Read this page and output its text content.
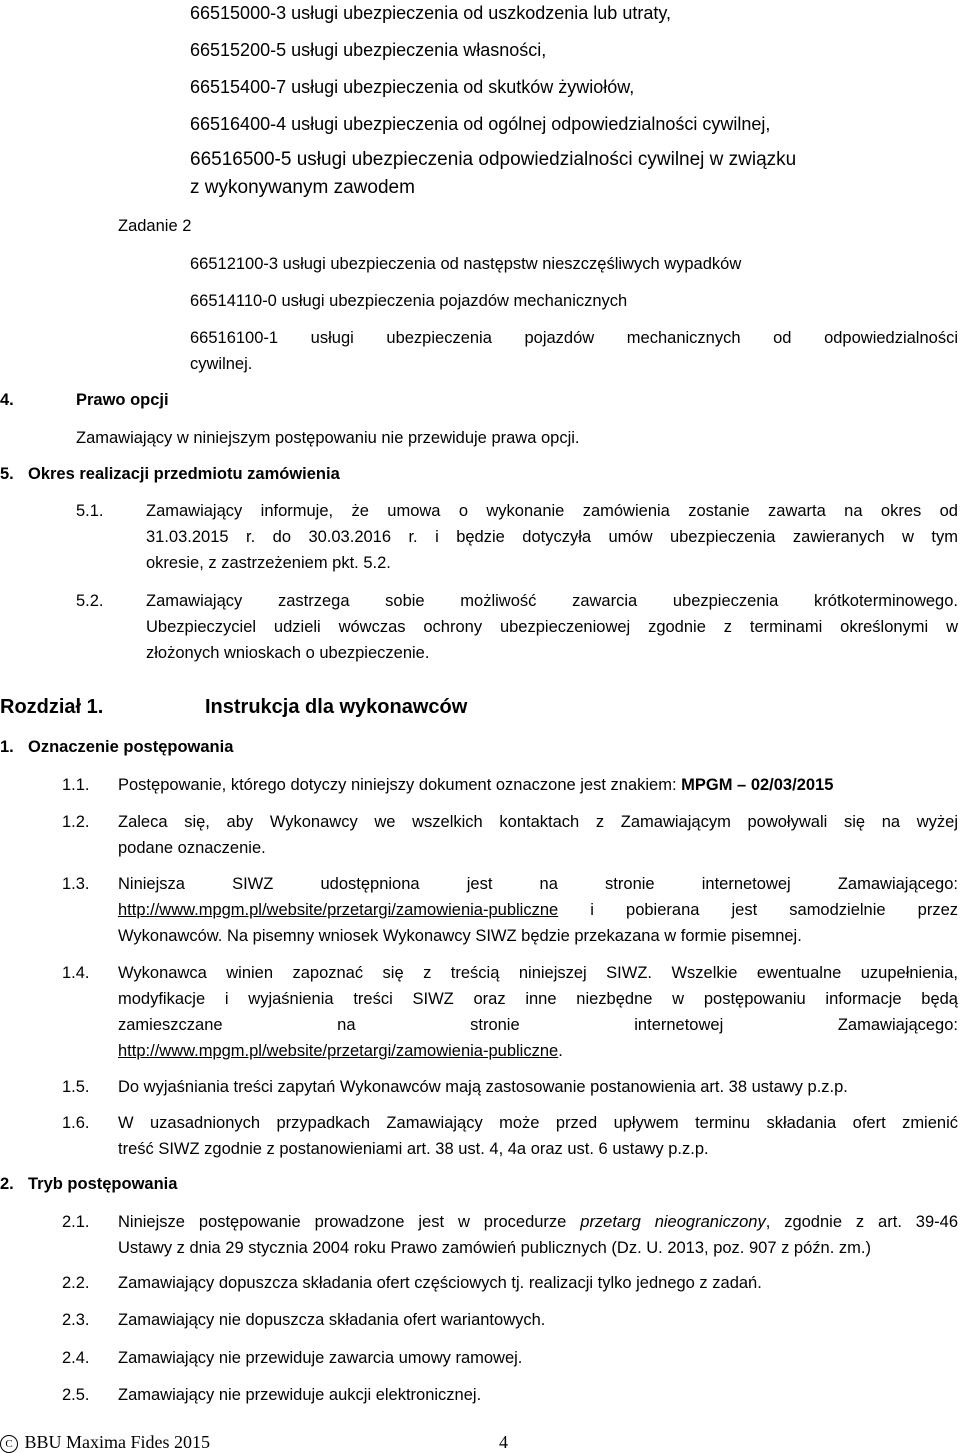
66515000-3 usługi ubezpieczenia od uszkodzenia lub utraty,
66515200-5 usługi ubezpieczenia własności,
66515400-7 usługi ubezpieczenia od skutków żywiołów,
66516400-4 usługi ubezpieczenia od ogólnej odpowiedzialności cywilnej,
66516500-5 usługi ubezpieczenia odpowiedzialności cywilnej w związku
z wykonywanym zawodem
Zadanie 2
66512100-3 usługi ubezpieczenia od następstw nieszczęśliwych wypadków
66514110-0 usługi ubezpieczenia pojazdów mechanicznych
66516100-1 usługi ubezpieczenia pojazdów mechanicznych od odpowiedzialności
cywilnej.
4.	Prawo opcji
Zamawiający w niniejszym postępowaniu nie przewiduje prawa opcji.
5. Okres realizacji przedmiotu zamówienia
5.1.	Zamawiający informuje, że umowa o wykonanie zamówienia zostanie zawarta na okres od
31.03.2015 r. do 30.03.2016 r. i będzie dotyczyła umów ubezpieczenia zawieranych w tym
okresie, z zastrzeżeniem pkt. 5.2.
5.2.	Zamawiający zastrzega sobie możliwość zawarcia ubezpieczenia krótkoterminowego.
Ubezpieczyciel udzieli wówczas ochrony ubezpieczeniowej zgodnie z terminami określonymi w
złożonych wnioskach o ubezpieczenie.
Rozdział 1.	Instrukcja dla wykonawców
1. Oznaczenie postępowania
1.1. Postępowanie, którego dotyczy niniejszy dokument oznaczone jest znakiem: MPGM – 02/03/2015
1.2. Zaleca się, aby Wykonawcy we wszelkich kontaktach z Zamawiającym powoływali się na wyżej
podane oznaczenie.
1.3. Niniejsza SIWZ udostępniona jest na stronie internetowej Zamawiającego:
http://www.mpgm.pl/website/przetargi/zamowienia-publiczne i pobierana jest samodzielnie przez
Wykonawców. Na pisemny wniosek Wykonawcy SIWZ będzie przekazana w formie pisemnej.
1.4. Wykonawca winien zapoznać się z treścią niniejszej SIWZ. Wszelkie ewentualne uzupełnienia,
modyfikacje i wyjaśnienia treści SIWZ oraz inne niezbędne w postępowaniu informacje będą
zamieszczane na stronie internetowej Zamawiającego:
http://www.mpgm.pl/website/przetargi/zamowienia-publiczne.
1.5. Do wyjaśniania treści zapytań Wykonawców mają zastosowanie postanowienia art. 38 ustawy p.z.p.
1.6. W uzasadnionych przypadkach Zamawiający może przed upływem terminu składania ofert zmienić
treść SIWZ zgodnie z postanowieniami art. 38 ust. 4, 4a oraz ust. 6 ustawy p.z.p.
2. Tryb postępowania
2.1. Niniejsze postępowanie prowadzone jest w procedurze przetarg nieograniczony, zgodnie z art. 39-46
Ustawy z dnia 29 stycznia 2004 roku Prawo zamówień publicznych (Dz. U. 2013, poz. 907 z późn. zm.)
2.2. Zamawiający dopuszcza składania ofert częściowych tj. realizacji tylko jednego z zadań.
2.3. Zamawiający nie dopuszcza składania ofert wariantowych.
2.4. Zamawiający nie przewiduje zawarcia umowy ramowej.
2.5. Zamawiający nie przewiduje aukcji elektronicznej.
C BBU Maxima Fides 2015	4
